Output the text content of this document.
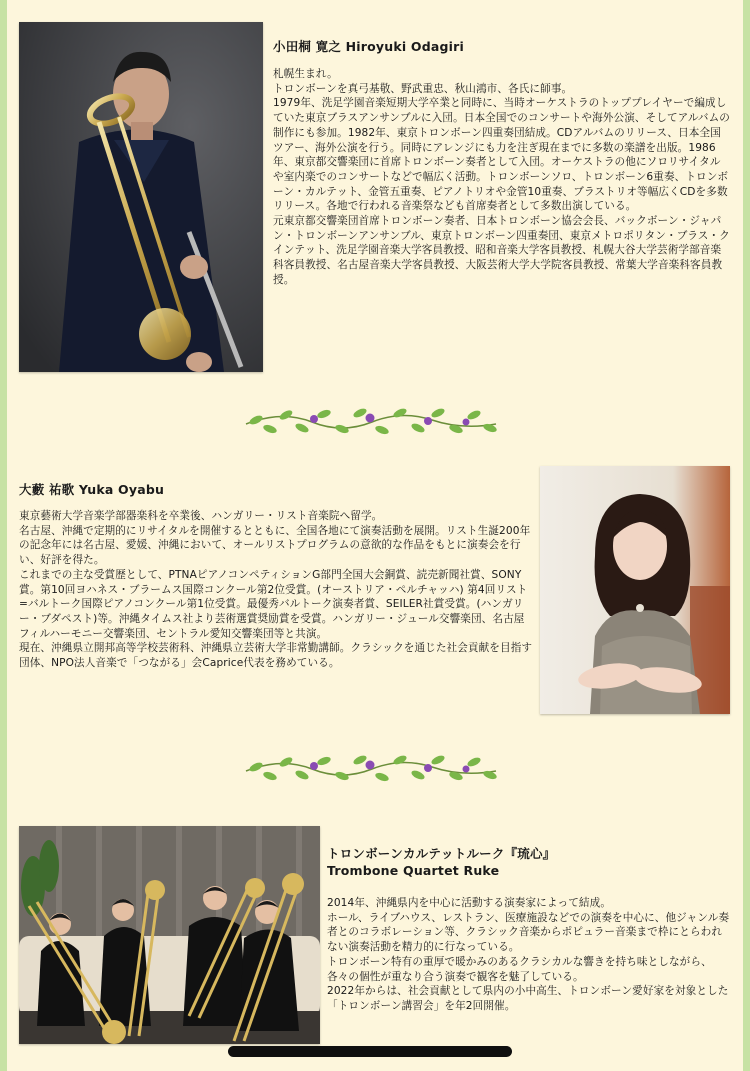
小田桐 寛之 Hiroyuki Odagiri

札幌生まれ。

トロンボーンを真弓基敬、野武重忠、秋山鴻市、各氏に師事。

1979年、洗足学園音楽短期大学卒業と同時に、当時オーケストラのトッププレイヤーで編成していた東京ブラスアンサンブルに入団。日本全国でのコンサートや海外公演、そしてアルバムの制作にも参加。1982年、東京トロンボーン四重奏団結成。CDアルバムのリリース、日本全国ツアー、海外公演を行う。同時にアレンジにも力を注ぎ現在までに多数の楽譜を出版。1986年、東京都交響楽団に首席トロンボーン奏者として入団。オーケストラの他にソロリサイタルや室内楽でのコンサートなどで幅広く活動。トロンボーンソロ、トロンボーン6重奏、トロンボーン・カルテット、金管五重奏、ピアノトリオや金管10重奏、ブラストリオ等幅広くCDを多数リリース。各地で行われる音楽祭なども首席奏者として多数出演している。

元東京都交響楽団首席トロンボーン奏者、日本トロンボーン協会会長、バックボーン・ジャパン・トロンボーンアンサンブル、東京トロンボーン四重奏団、東京メトロポリタン・ブラス・クインテット、洗足学園音楽大学客員教授、昭和音楽大学客員教授、札幌大谷大学芸術学部音楽科客員教授、名古屋音楽大学客員教授、大阪芸術大学大学院客員教授、常葉大学音楽科客員教授。

大藪 祐歌 Yuka Oyabu

東京藝術大学音楽学部器楽科を卒業後、ハンガリー・リスト音楽院へ留学。

名古屋、沖縄で定期的にリサイタルを開催するとともに、全国各地にて演奏活動を展開。リスト生誕200年の記念年には名古屋、愛媛、沖縄において、オールリストプログラムの意欲的な作品をもとに演奏会を行い、好評を得た。

これまでの主な受賞歴として、PTNAピアノコンペティションG部門全国大会銅賞、読売新聞社賞、SONY賞。第10回ヨハネス・ブラームス国際コンクール第2位受賞。(オーストリア・ペルチャッハ) 第4回リスト=バルトーク国際ピアノコンクール第1位受賞。最優秀バルトーク演奏者賞、SEILER社賞受賞。(ハンガリー・ブダペスト)等。沖縄タイムス社より芸術選賞奨励賞を受賞。ハンガリー・ジュール交響楽団、名古屋フィルハーモニー交響楽団、セントラル愛知交響楽団等と共演。

現在、沖縄県立開邦高等学校芸術科、沖縄県立芸術大学非常勤講師。クラシックを通じた社会貢献を目指す団体、NPO法人音楽で「つながる」会Caprice代表を務めている。

トロンボーンカルテットルーク『琉心』
Trombone Quartet Ruke

2014年、沖縄県内を中心に活動する演奏家によって結成。

ホール、ライブハウス、レストラン、医療施設などでの演奏を中心に、他ジャンル奏者とのコラボレーション等、クラシック音楽からポピュラー音楽まで枠にとらわれない演奏活動を精力的に行なっている。

トロンボーン特有の重厚で暖かみのあるクラシカルな響きを持ち味としながら、各々の個性が重なり合う演奏で観客を魅了している。

2022年からは、社会貢献として県内の小中高生、トロンボーン愛好家を対象とした「トロンボーン講習会」を年2回開催。
